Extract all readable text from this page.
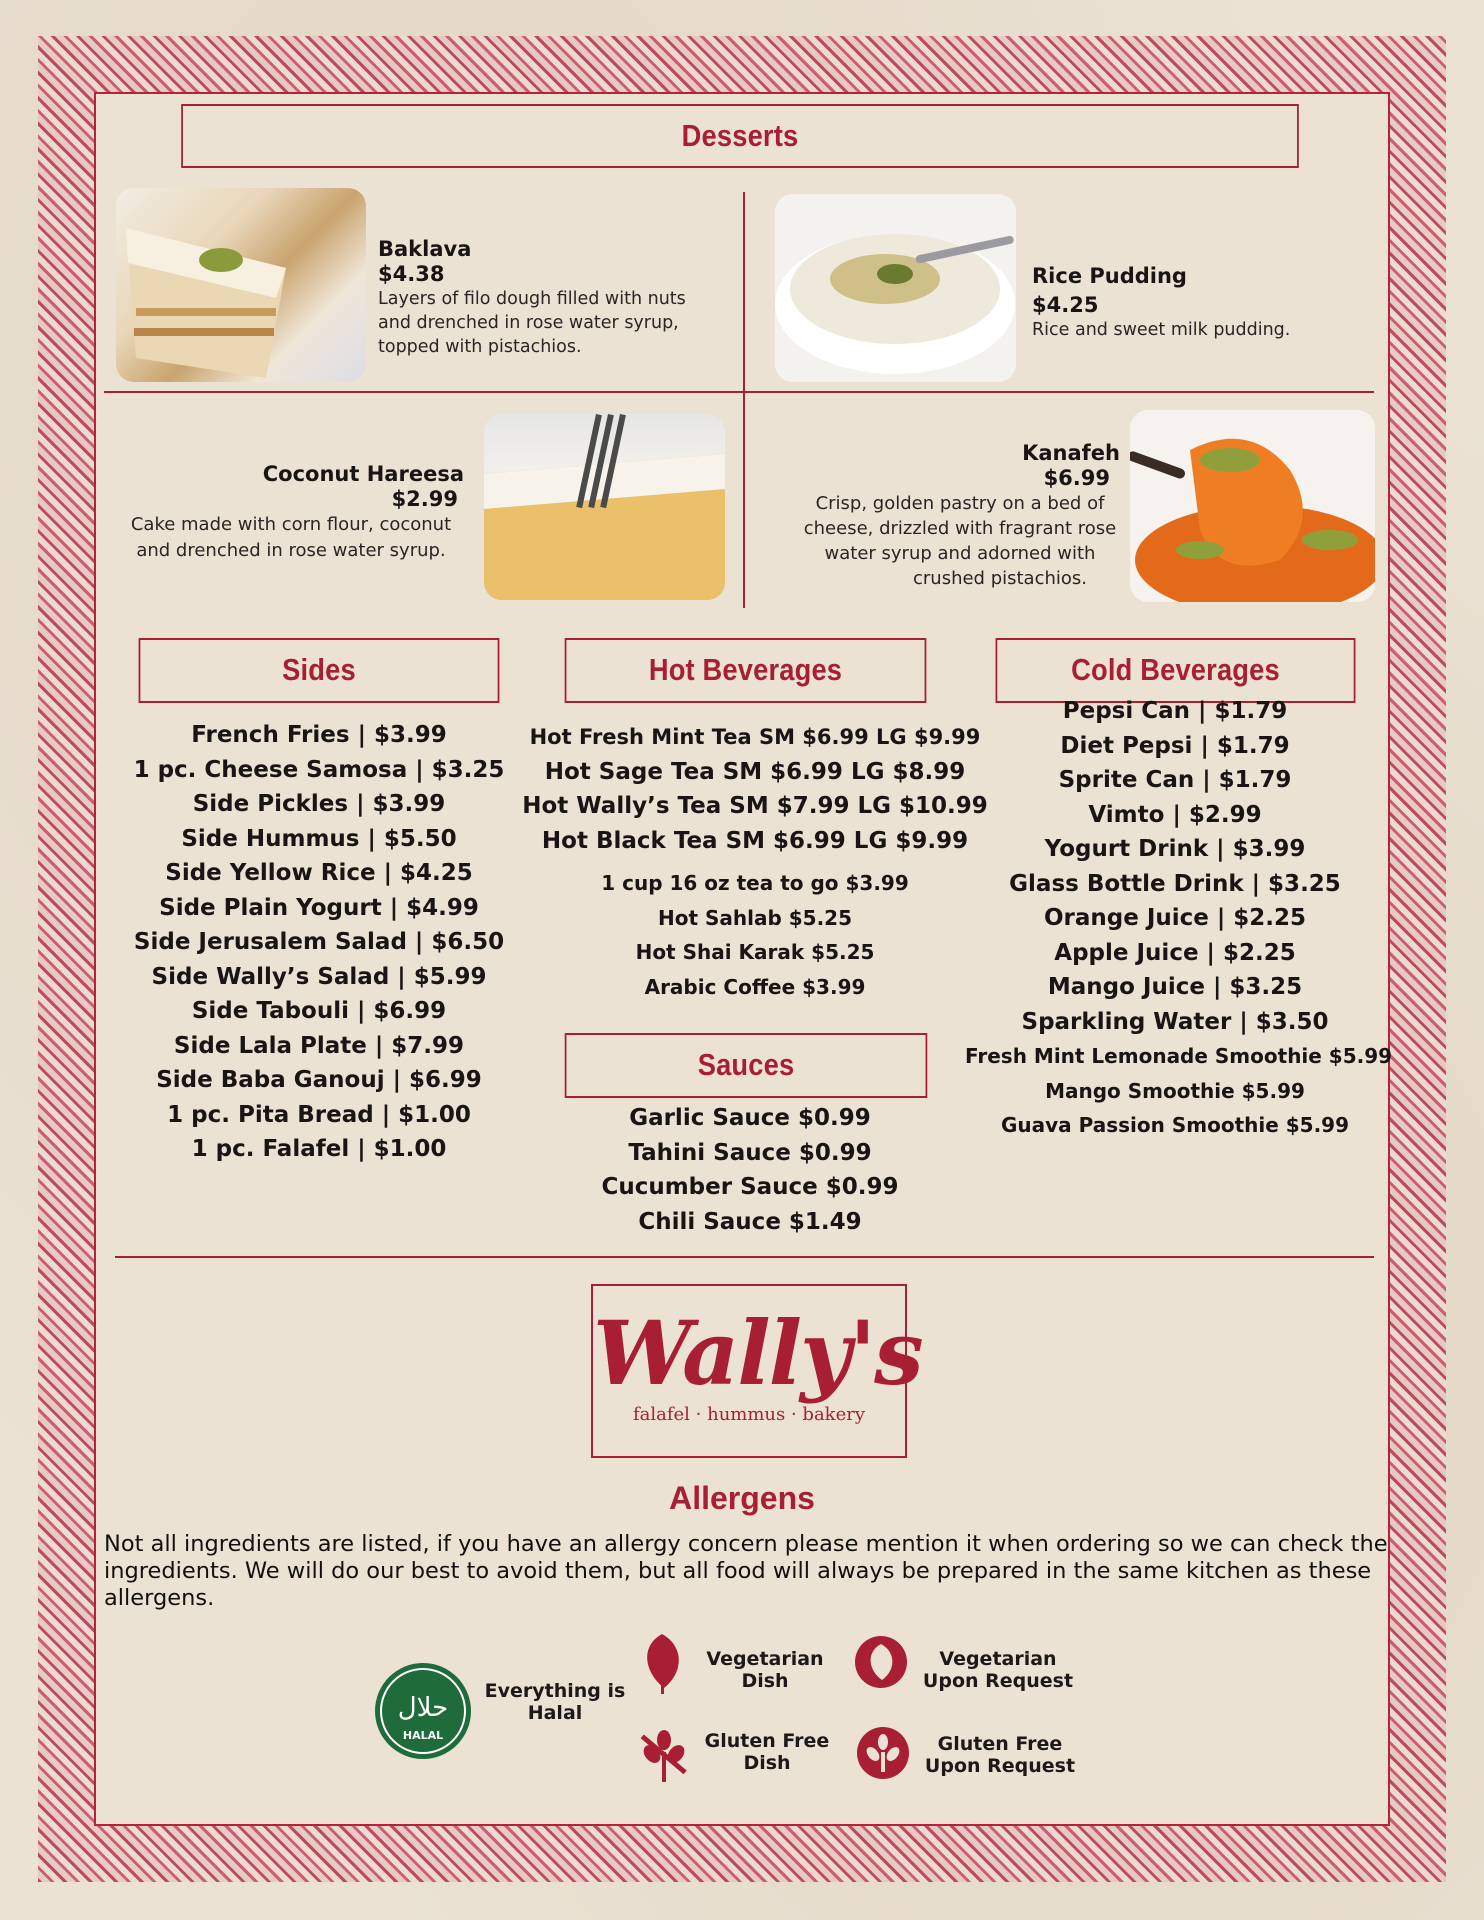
Desserts
Baklava
$4.38
Layers of filo dough filled with nuts
and drenched in rose water syrup,
topped with pistachios.
Rice Pudding
$4.25
Rice and sweet milk pudding.
Coconut Hareesa
$2.99
Cake made with corn flour, coconut
and drenched in rose water syrup.
Kanafeh
$6.99
Crisp, golden pastry on a bed of
cheese, drizzled with fragrant rose
water syrup and adorned with
crushed pistachios.
Sides
French Fries | $3.99
1 pc. Cheese Samosa | $3.25
Side Pickles | $3.99
Side Hummus | $5.50
Side Yellow Rice | $4.25
Side Plain Yogurt | $4.99
Side Jerusalem Salad | $6.50
Side Wally’s Salad | $5.99
Side Tabouli | $6.99
Side Lala Plate | $7.99
Side Baba Ganouj | $6.99
1 pc. Pita Bread | $1.00
1 pc. Falafel | $1.00
Hot Beverages
Hot Fresh Mint Tea SM $6.99 LG $9.99
Hot Sage Tea SM $6.99 LG $8.99
Hot Wally’s Tea SM $7.99 LG $10.99
Hot Black Tea SM $6.99 LG $9.99
1 cup 16 oz tea to go $3.99
Hot Sahlab $5.25
Hot Shai Karak $5.25
Arabic Coffee $3.99
Sauces
Garlic Sauce $0.99
Tahini Sauce $0.99
Cucumber Sauce $0.99
Chili Sauce $1.49
Cold Beverages
Pepsi Can | $1.79
Diet Pepsi | $1.79
Sprite Can | $1.79
Vimto | $2.99
Yogurt Drink | $3.99
Glass Bottle Drink | $3.25
Orange Juice | $2.25
Apple Juice | $2.25
Mango Juice | $3.25
Sparkling Water | $3.50
Fresh Mint Lemonade Smoothie $5.99
Mango Smoothie $5.99
Guava Passion Smoothie $5.99
Wally's
falafel · hummus · bakery
Allergens
Not all ingredients are listed, if you have an allergy concern please mention it when ordering so we can check the ingredients. We will do our best to avoid them, but all food will always be prepared in the same kitchen as these allergens.
حلال
HALAL
Everything is
Halal
Vegetarian
Dish
Vegetarian
Upon Request
Gluten Free
Dish
Gluten Free
Upon Request
